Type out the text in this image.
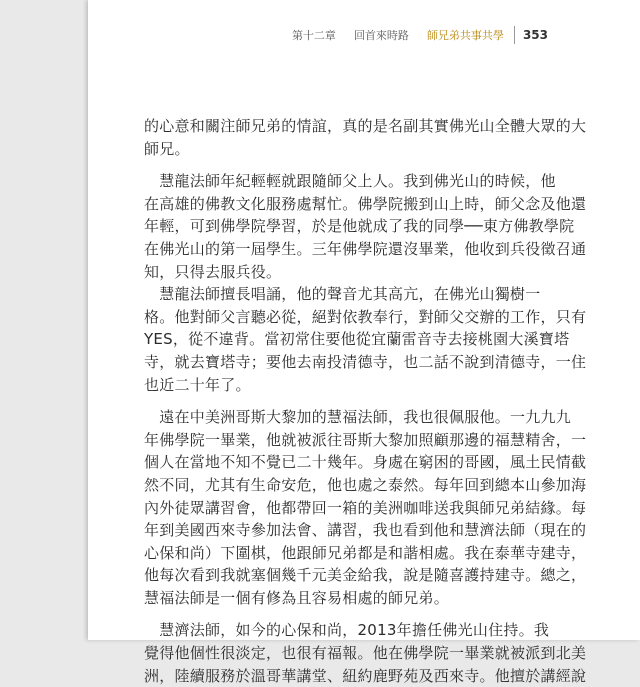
第十二章 回首來時路 師兄弟共事共學 353

的心意和關注師兄弟的情誼，真的是名副其實佛光山全體大眾的大
師兄。

　慧龍法師年紀輕輕就跟隨師父上人。我到佛光山的時候，他
在高雄的佛教文化服務處幫忙。佛學院搬到山上時，師父念及他還
年輕，可到佛學院學習，於是他就成了我的同學──東方佛教學院
在佛光山的第一屆學生。三年佛學院還沒畢業，他收到兵役徵召通
知，只得去服兵役。

　慧龍法師擅長唱誦，他的聲音尤其高亢，在佛光山獨樹一
格。他對師父言聽必從，絕對依教奉行，對師父交辦的工作，只有
YES，從不違背。當初常住要他從宜蘭雷音寺去接桃園大溪寶塔
寺，就去寶塔寺；要他去南投清德寺，也二話不說到清德寺，一住
也近二十年了。

　遠在中美洲哥斯大黎加的慧福法師，我也很佩服他。一九九九
年佛學院一畢業，他就被派往哥斯大黎加照顧那邊的福慧精舍，一
個人在當地不知不覺已二十幾年。身處在窮困的哥國，風土民情截
然不同，尤其有生命安危，他也處之泰然。每年回到總本山參加海
內外徒眾講習會，他都帶回一箱的美洲咖啡送我與師兄弟結緣。每
年到美國西來寺參加法會、講習，我也看到他和慧濟法師（現在的
心保和尚）下圍棋，他跟師兄弟都是和諧相處。我在泰華寺建寺，
他每次看到我就塞個幾千元美金給我，說是隨喜護持建寺。總之，
慧福法師是一個有修為且容易相處的師兄弟。

　慧濟法師，如今的心保和尚，2013年擔任佛光山住持。我
覺得他個性很淡定，也很有福報。他在佛學院一畢業就被派到北美
洲，陸續服務於溫哥華講堂、紐約鹿野苑及西來寺。他擅於講經說
